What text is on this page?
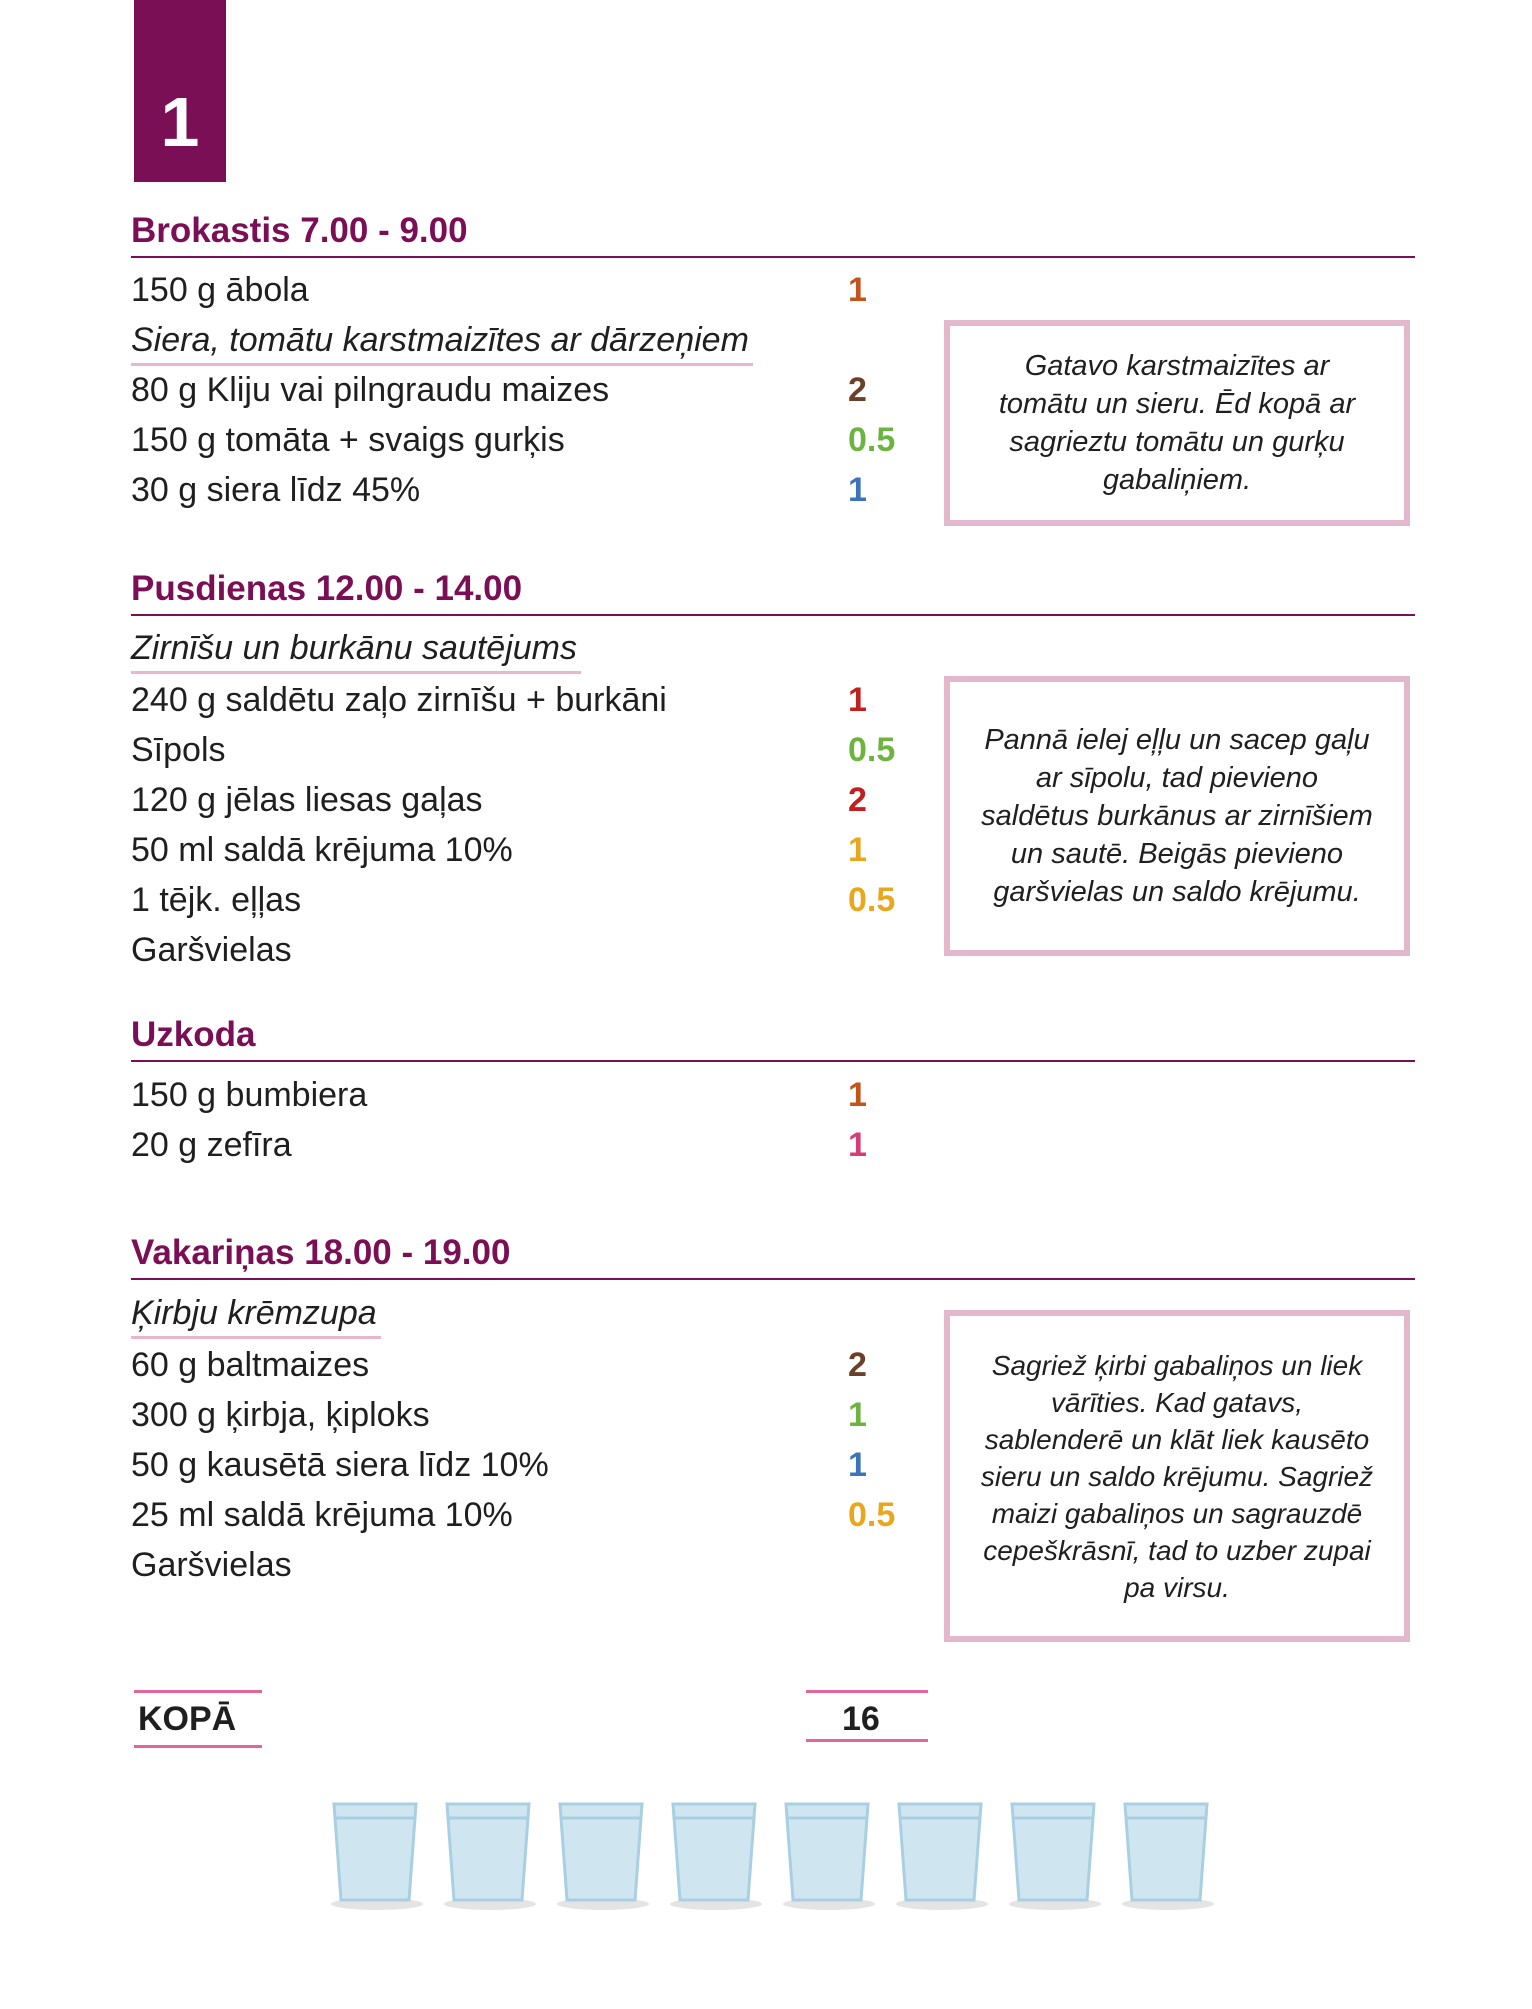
1
Brokastis 7.00 - 9.00
150 g ābola	1
Siera, tomātu karstmaizītes ar dārzeņiem
80 g Kliju vai pilngraudu maizes	2
150 g tomāta + svaigs gurķis	0.5
30 g siera līdz 45%	1
Gatavo karstmaizītes ar tomātu un sieru. Ēd kopā ar sagrieztu tomātu un gurķu gabaliņiem.
Pusdienas 12.00 - 14.00
Zirnīšu un burkānu sautējums
240 g saldētu zaļo zirnīšu + burkāni	1
Sīpols	0.5
120 g jēlas liesas gaļas	2
50 ml saldā krējuma 10%	1
1 tējk. eļļas	0.5
Garšvielas
Pannā ielej eļļu un sacep gaļu ar sīpolu, tad pievieno saldētus burkānus ar zirnīšiem un sautē. Beigās pievieno garšvielas un saldo krējumu.
Uzkoda
150 g bumbiera	1
20 g zefīra	1
Vakariņas 18.00 - 19.00
Ķirbju krēmzupa
60 g baltmaizes	2
300 g ķirbja, ķiploks	1
50 g kausētā siera līdz 10%	1
25 ml saldā krējuma 10%	0.5
Garšvielas
Sagriež ķirbi gabaliņos un liek vārīties. Kad gatavs, sablenderē un klāt liek kausēto sieru un saldo krējumu. Sagriež maizi gabaliņos un sagrauzdē cepeškrāsnī, tad to uzber zupai pa virsu.
KOPĀ	16
